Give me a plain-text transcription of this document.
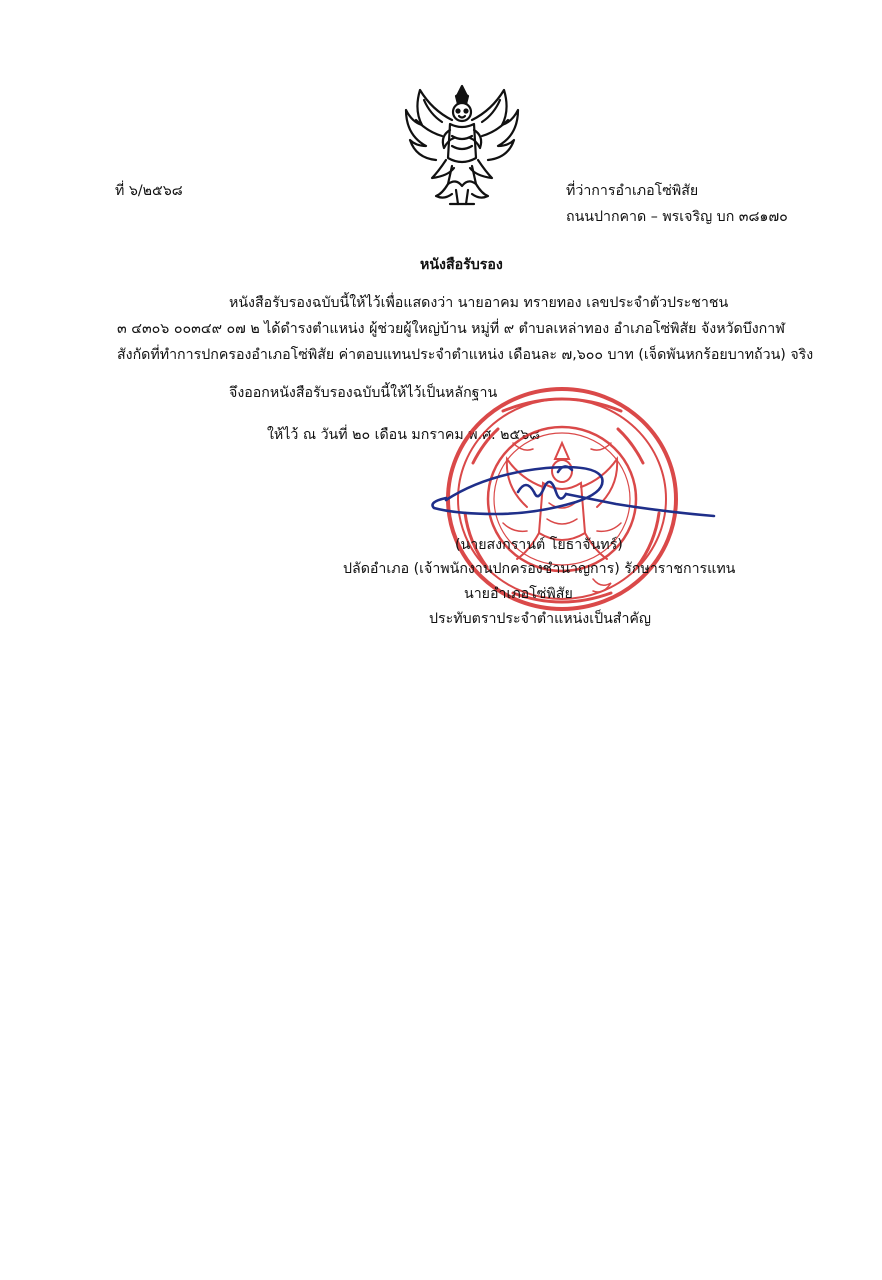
ที่ ๖/๒๕๖๘	ที่ว่าการอำเภอโซ่พิสัย
ถนนปากคาด – พรเจริญ บก ๓๘๑๗๐
หนังสือรับรอง
หนังสือรับรองฉบับนี้ให้ไว้เพื่อแสดงว่า นายอาคม ทรายทอง เลขประจำตัวประชาชน
๓ ๔๓๐๖ ๐๐๓๔๙ ๐๗ ๒ ได้ดำรงตำแหน่ง ผู้ช่วยผู้ใหญ่บ้าน หมู่ที่ ๙ ตำบลเหล่าทอง อำเภอโซ่พิสัย จังหวัดบึงกาฬ
สังกัดที่ทำการปกครองอำเภอโซ่พิสัย ค่าตอบแทนประจำตำแหน่ง เดือนละ ๗,๖๐๐ บาท (เจ็ดพันหกร้อยบาทถ้วน) จริง
จึงออกหนังสือรับรองฉบับนี้ให้ไว้เป็นหลักฐาน
ให้ไว้ ณ วันที่ ๒๐ เดือน มกราคม พ.ศ. ๒๕๖๘
(นายสงกรานต์ โยธาจันทร์)
ปลัดอำเภอ (เจ้าพนักงานปกครองชำนาญการ) รักษาราชการแทน
นายอำเภอโซ่พิสัย
ประทับตราประจำตำแหน่งเป็นสำคัญ
